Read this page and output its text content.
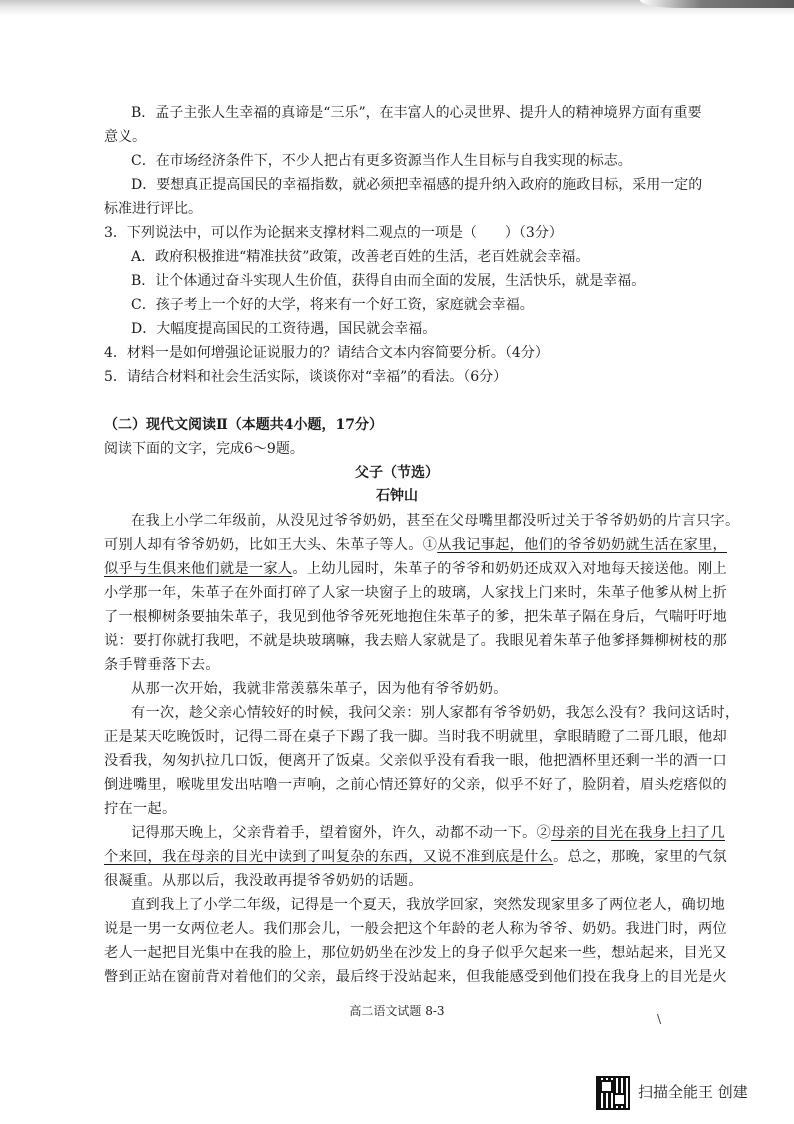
B．孟子主张人生幸福的真谛是“三乐”，在丰富人的心灵世界、提升人的精神境界方面有重要
意义。
C．在市场经济条件下，不少人把占有更多资源当作人生目标与自我实现的标志。
D．要想真正提高国民的幸福指数，就必须把幸福感的提升纳入政府的施政目标，采用一定的
标准进行评比。
3．下列说法中，可以作为论据来支撑材料二观点的一项是（　　）（3分）
A．政府积极推进“精准扶贫”政策，改善老百姓的生活，老百姓就会幸福。
B．让个体通过奋斗实现人生价值，获得自由而全面的发展，生活快乐，就是幸福。
C．孩子考上一个好的大学，将来有一个好工资，家庭就会幸福。
D．大幅度提高国民的工资待遇，国民就会幸福。
4．材料一是如何增强论证说服力的？请结合文本内容简要分析。（4分）
5．请结合材料和社会生活实际，谈谈你对“幸福”的看法。（6分）
（二）现代文阅读Ⅱ（本题共4小题，17分）
阅读下面的文字，完成6～9题。
父子（节选）
石钟山
在我上小学二年级前，从没见过爷爷奶奶，甚至在父母嘴里都没听过关于爷爷奶奶的片言只字。
可别人却有爷爷奶奶，比如王大头、朱革子等人。①从我记事起，他们的爷爷奶奶就生活在家里，
似乎与生俱来他们就是一家人。上幼儿园时，朱革子的爷爷和奶奶还成双入对地每天接送他。刚上
小学那一年，朱革子在外面打碎了人家一块窗子上的玻璃，人家找上门来时，朱革子他爹从树上折
了一根柳树条要抽朱革子，我见到他爷爷死死地抱住朱革子的爹，把朱革子隔在身后，气喘吁吁地
说：要打你就打我吧，不就是块玻璃嘛，我去赔人家就是了。我眼见着朱革子他爹择舞柳树枝的那
条手臂垂落下去。
从那一次开始，我就非常羡慕朱革子，因为他有爷爷奶奶。
有一次，趁父亲心情较好的时候，我问父亲：别人家都有爷爷奶奶，我怎么没有？我问这话时，
正是某天吃晚饭时，记得二哥在桌子下踢了我一脚。当时我不明就里，拿眼睛瞪了二哥几眼，他却
没看我，匆匆扒拉几口饭，便离开了饭桌。父亲似乎没有看我一眼，他把酒杯里还剩一半的酒一口
倒进嘴里，喉咙里发出咕噜一声响，之前心情还算好的父亲，似乎不好了，脸阴着，眉头疙瘩似的
拧在一起。
记得那天晚上，父亲背着手，望着窗外，许久，动都不动一下。②母亲的目光在我身上扫了几
个来回，我在母亲的目光中读到了叫复杂的东西，又说不准到底是什么。总之，那晚，家里的气氛
很凝重。从那以后，我没敢再提爷爷奶奶的话题。
直到我上了小学二年级，记得是一个夏天，我放学回家，突然发现家里多了两位老人，确切地
说是一男一女两位老人。我们那会儿，一般会把这个年龄的老人称为爷爷、奶奶。我进门时，两位
老人一起把目光集中在我的脸上，那位奶奶坐在沙发上的身子似乎欠起来一些，想站起来，目光又
瞥到正站在窗前背对着他们的父亲，最后终于没站起来，但我能感受到他们投在我身上的目光是火
高二语文试题 8-3
\
扫描全能王 创建
